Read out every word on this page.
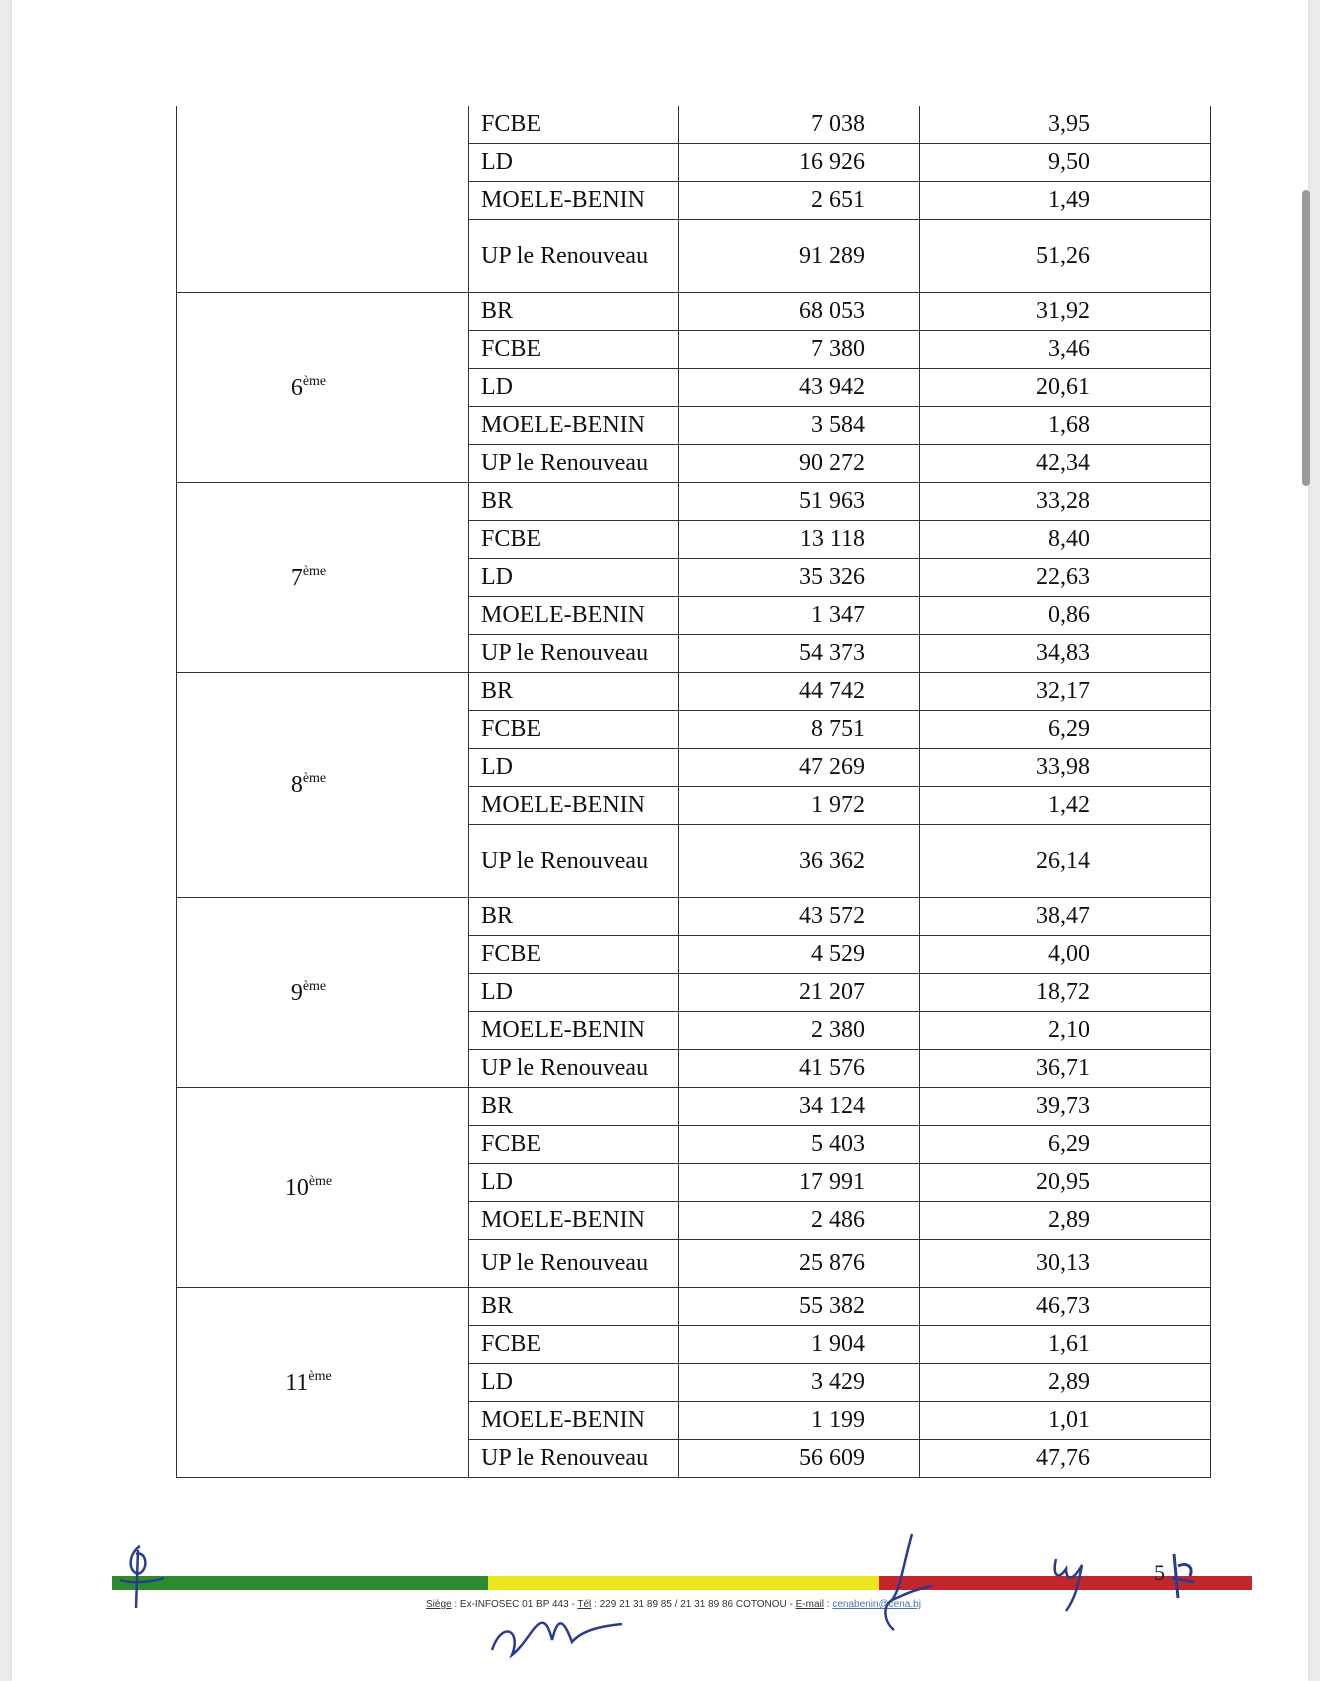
	FCBE	7 038	3,95
	LD	16 926	9,50
	MOELE-BENIN	2 651	1,49
	UP le Renouveau	91 289	51,26
6ème	BR	68 053	31,92
	FCBE	7 380	3,46
	LD	43 942	20,61
	MOELE-BENIN	3 584	1,68
	UP le Renouveau	90 272	42,34
7ème	BR	51 963	33,28
	FCBE	13 118	8,40
	LD	35 326	22,63
	MOELE-BENIN	1 347	0,86
	UP le Renouveau	54 373	34,83
8ème	BR	44 742	32,17
	FCBE	8 751	6,29
	LD	47 269	33,98
	MOELE-BENIN	1 972	1,42
	UP le Renouveau	36 362	26,14
9ème	BR	43 572	38,47
	FCBE	4 529	4,00
	LD	21 207	18,72
	MOELE-BENIN	2 380	2,10
	UP le Renouveau	41 576	36,71
10ème	BR	34 124	39,73
	FCBE	5 403	6,29
	LD	17 991	20,95
	MOELE-BENIN	2 486	2,89
	UP le Renouveau	25 876	30,13
11ème	BR	55 382	46,73
	FCBE	1 904	1,61
	LD	3 429	2,89
	MOELE-BENIN	1 199	1,01
	UP le Renouveau	56 609	47,76
5
Siège : Ex-INFOSEC 01 BP 443 - Tél : 229 21 31 89 85 / 21 31 89 86 COTONOU - E-mail : cenabenin@cena.bj
